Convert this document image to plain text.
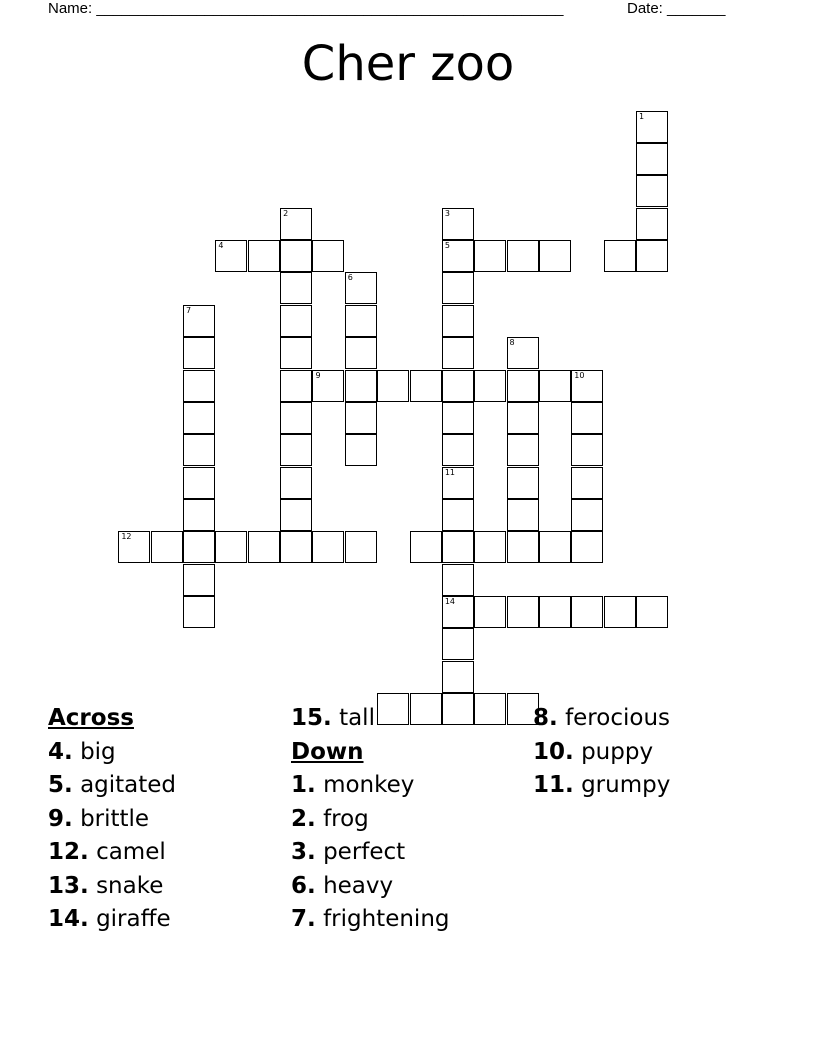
Name: ________________________________________________________	Date: _______
Cher zoo
1
2
4
3
5
6
7
8
9	10
11
14
12
Across
4. big
5. agitated
9. brittle
12. camel
13. snake
14. giraffe
15. tall
Down
1. monkey
2. frog
3. perfect
6. heavy
7. frightening
8. ferocious
10. puppy
11. grumpy
